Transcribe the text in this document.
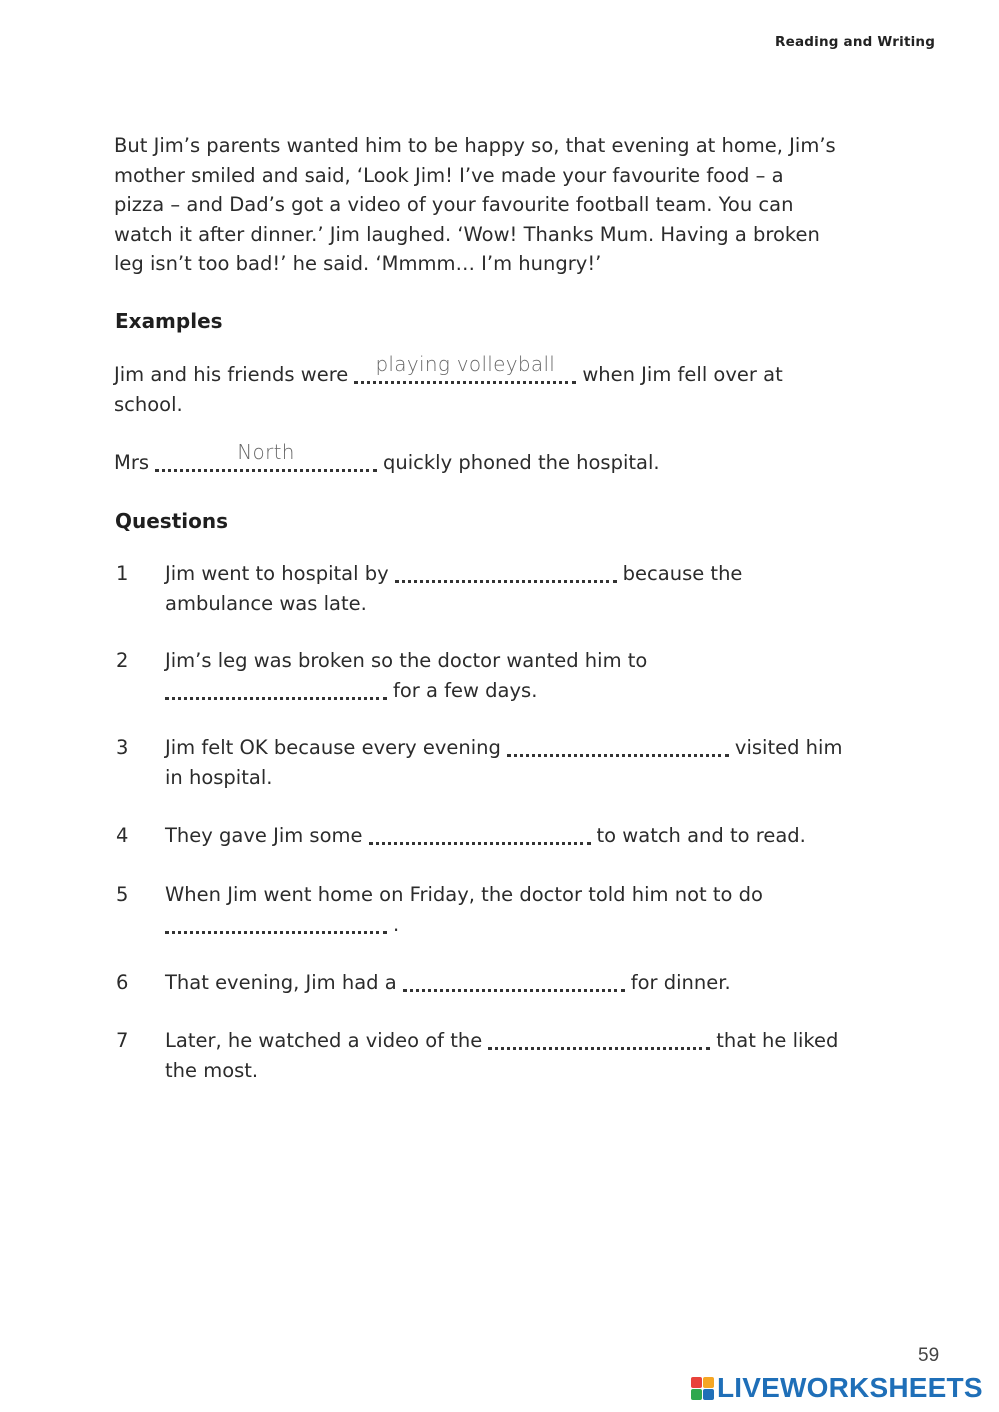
Reading and Writing

But Jim’s parents wanted him to be happy so, that evening at home, Jim’s

mother smiled and said, ‘Look Jim! I’ve made your favourite food – a

pizza – and Dad’s got a video of your favourite football team. You can

watch it after dinner.’ Jim laughed. ‘Wow! Thanks Mum. Having a broken

leg isn’t too bad!’ he said. ‘Mmmm… I’m hungry!’

Examples
Jim and his friends were	playing volleyball	when Jim fell over at
school.
Mrs	North	quickly phoned the hospital.
Questions
1 Jim went to hospital by	because the
ambulance was late.
2 Jim’s leg was broken so the doctor wanted him to

for a few days.
3 Jim felt OK because every evening	visited him
in hospital.
4 They gave Jim some	to watch and to read.
5 When Jim went home on Friday, the doctor told him not to do

.
6 That evening, Jim had a	for dinner.
7 Later, he watched a video of the	that he liked
the most.
59
LIVEWORKSHEETS
